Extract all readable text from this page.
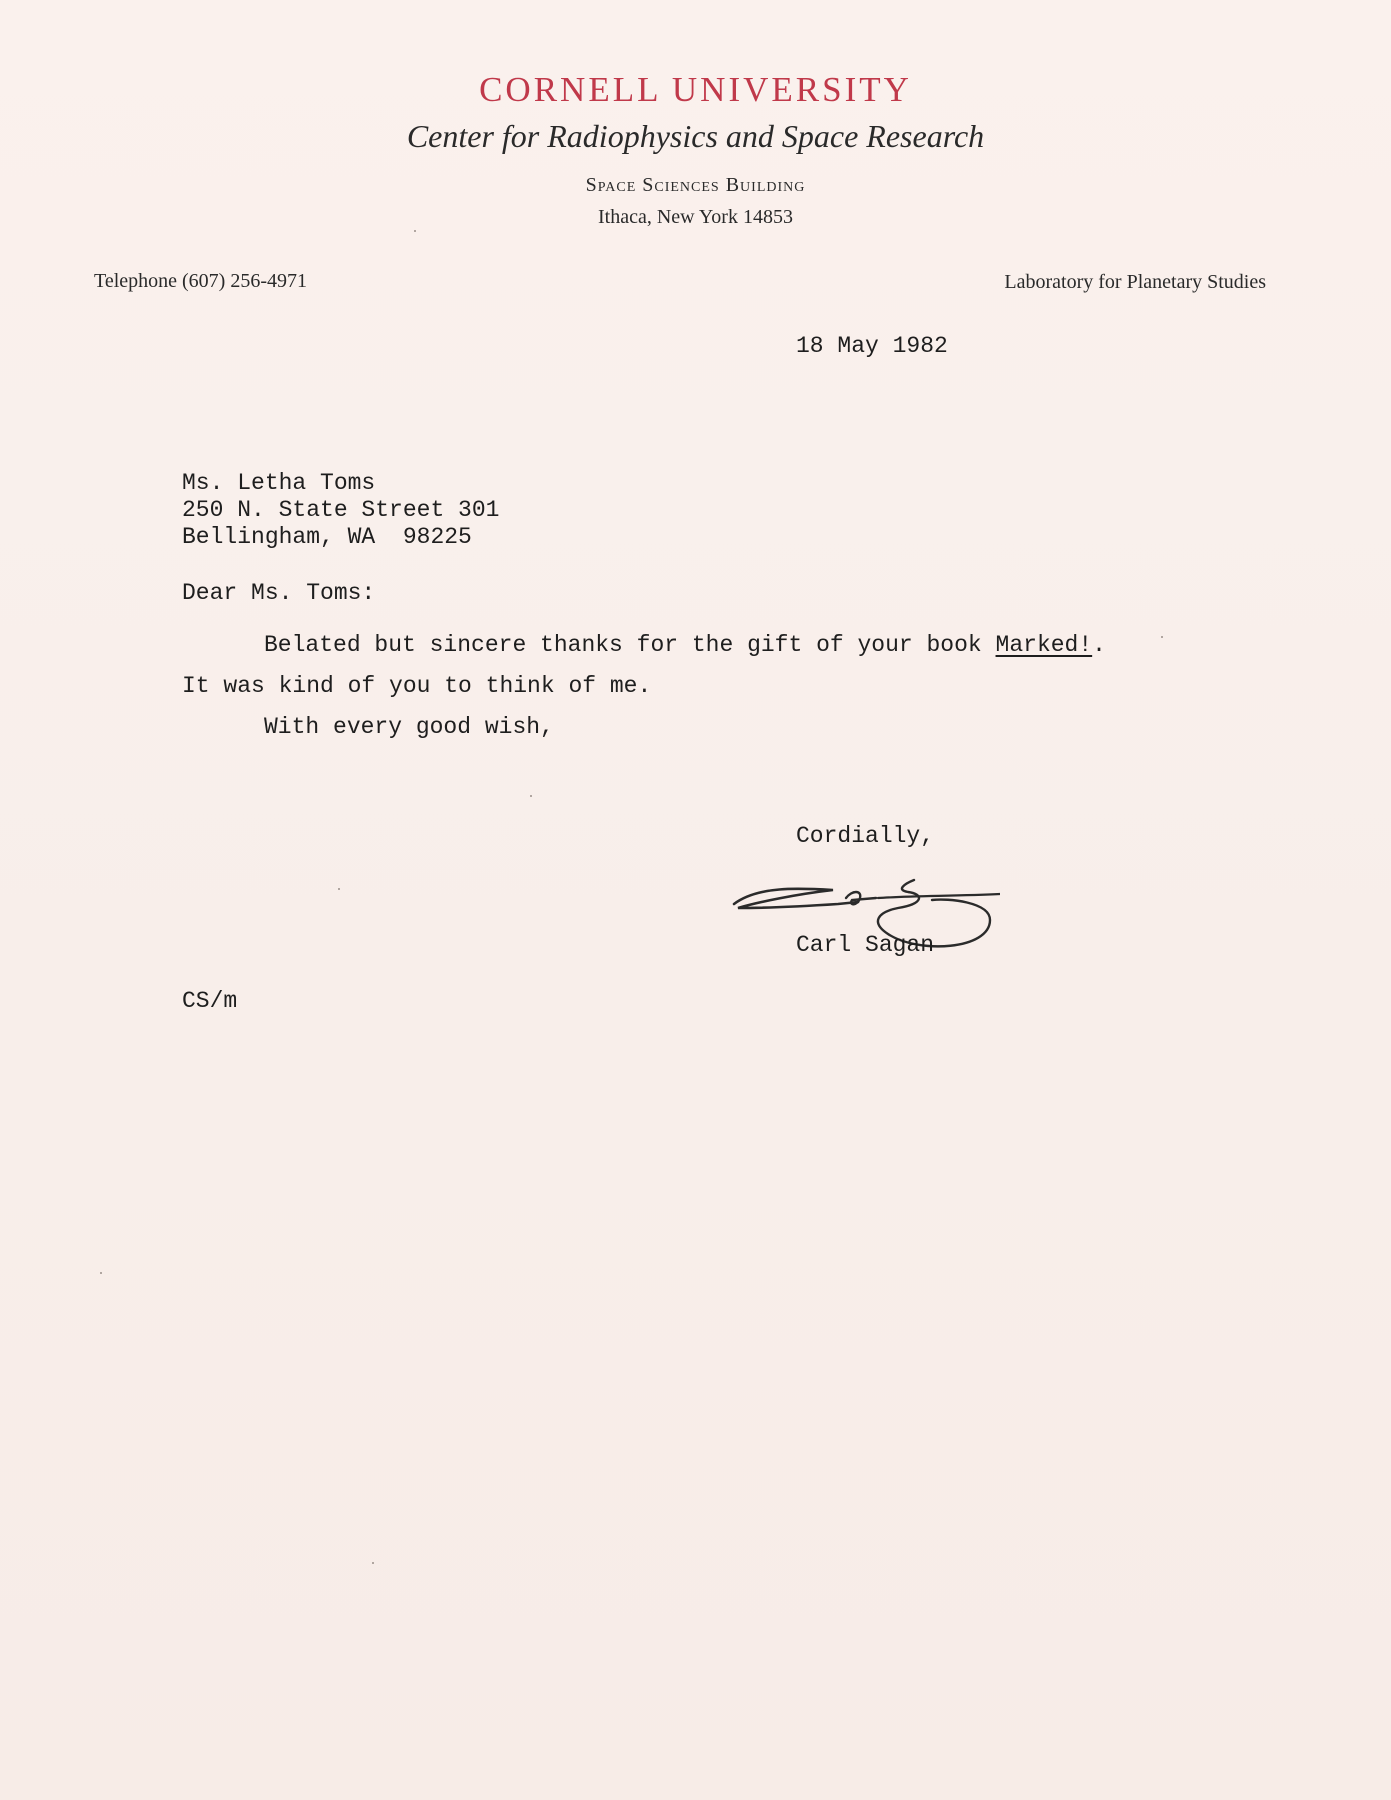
CORNELL UNIVERSITY
Center for Radiophysics and Space Research
Space Sciences Building
Ithaca, New York 14853
Telephone (607) 256-4971	Laboratory for Planetary Studies
18 May 1982
Ms. Letha Toms
250 N. State Street 301
Bellingham, WA  98225
Dear Ms. Toms:
Belated but sincere thanks for the gift of your book Marked!.
It was kind of you to think of me.
With every good wish,
Cordially,
Carl Sagan
CS/m
